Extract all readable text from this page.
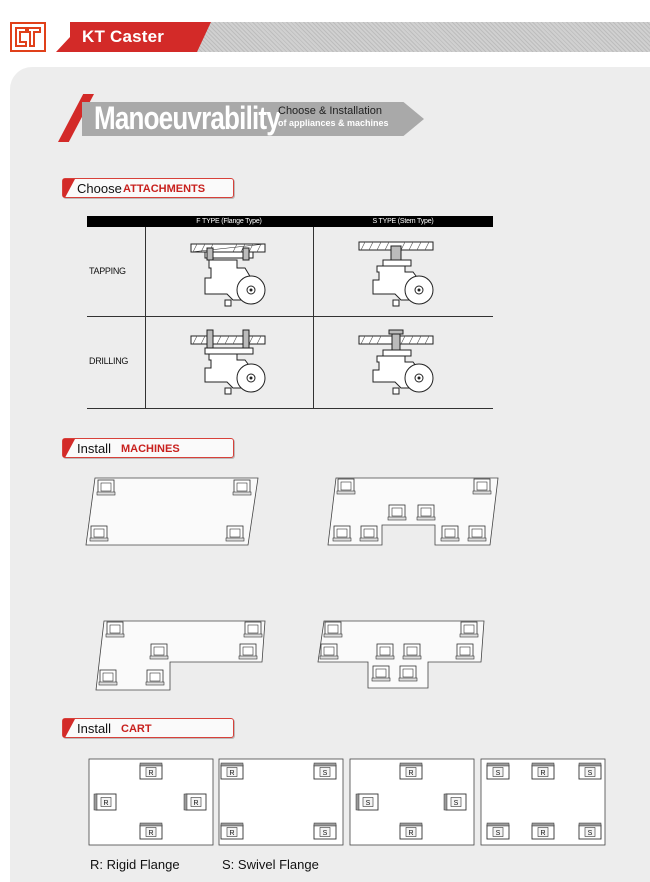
KT Caster
Manoeuvrability
Choose & Installation
of appliances & machines
Choose ATTACHMENTS
F TYPE (Flange Type)	S TYPE (Stem Type)
TAPPING
DRILLING
Install MACHINES
Install CART
R
R	R
R
R	S
R	S
R
S	S
R
S	R	S
S	R	S
R: Rigid Flange	S: Swivel Flange
